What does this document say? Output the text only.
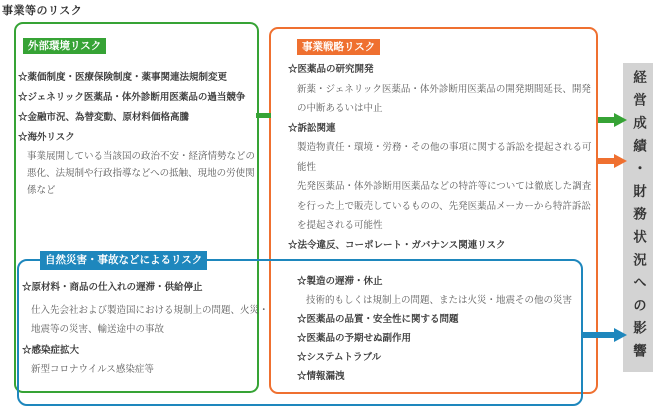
事業等のリスク
外部環境リスク
☆薬価制度・医療保険制度・薬事関連法規制変更
☆ジェネリック医薬品・体外診断用医薬品の過当競争
☆金融市況、為替変動、原材料価格高騰
☆海外リスク
事業展開している当該国の政治不安・経済情勢などの
悪化、法規制や行政指導などへの抵触、現地の労使関
係など
事業戦略リスク
☆医薬品の研究開発
新薬・ジェネリック医薬品・体外診断用医薬品の開発期間延長、開発
の中断あるいは中止
☆訴訟関連
製造物責任・環境・労務・その他の事項に関する訴訟を提起される可
能性
先発医薬品・体外診断用医薬品などの特許等については徹底した調査
を行った上で販売しているものの、先発医薬品メーカーから特許訴訟
を提起される可能性
☆法令違反、コーポレート・ガバナンス関連リスク
自然災害・事故などによるリスク
☆原材料・商品の仕入れの遅滞・供給停止
仕入先会社および製造国における規制上の問題、火災・
地震等の災害、輸送途中の事故
☆感染症拡大
新型コロナウイルス感染症等
☆製造の遅滞・休止
技術的もしくは規制上の問題、または火災・地震その他の災害
☆医薬品の品質・安全性に関する問題
☆医薬品の予期せぬ副作用
☆システムトラブル
☆情報漏洩
経営成績・財務状況への影響
